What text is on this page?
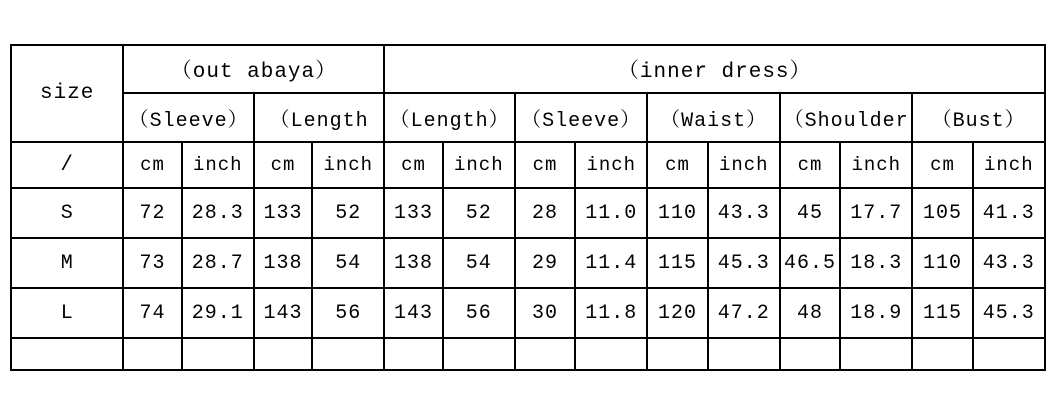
size	（out abaya）				（inner dress）									
	（Sleeve）		（Length		（Length）		（Sleeve）		（Waist）		（Shoulder		（Bust）	
/	cm	inch	cm	inch	cm	inch	cm	inch	cm	inch	cm	inch	cm	inch
S	72	28.3	133	52	133	52	28	11.0	110	43.3	45	17.7	105	41.3
M	73	28.7	138	54	138	54	29	11.4	115	45.3	46.5	18.3	110	43.3
L	74	29.1	143	56	143	56	30	11.8	120	47.2	48	18.9	115	45.3
